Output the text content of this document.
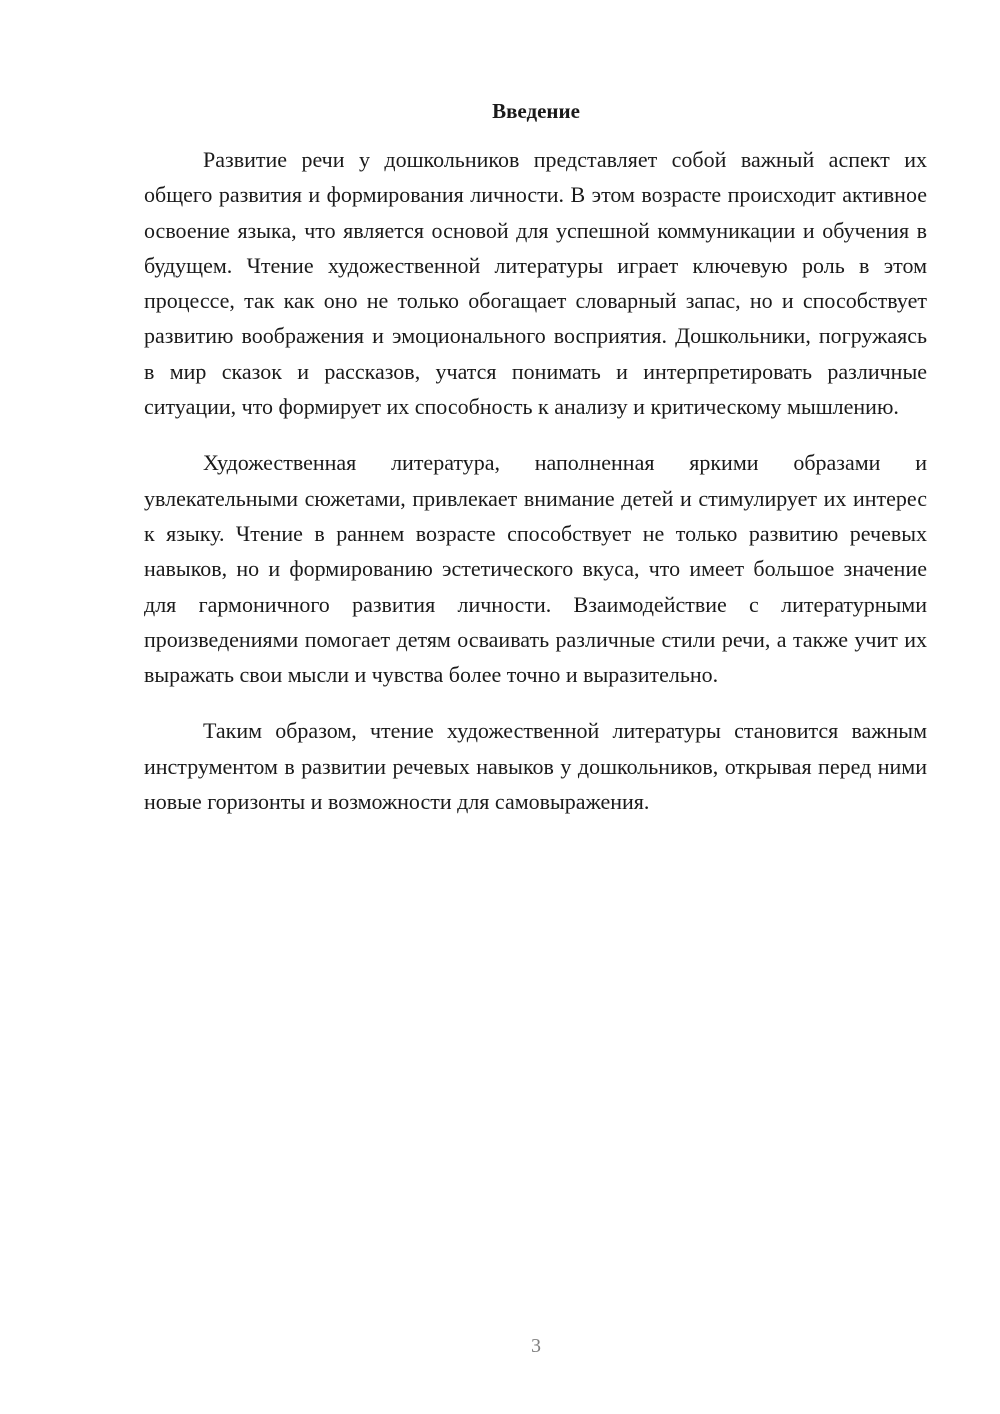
Введение

Развитие речи у дошкольников представляет собой важный аспект их общего развития и формирования личности. В этом возрасте происходит активное освоение языка, что является основой для успешной коммуникации и обучения в будущем. Чтение художественной литературы играет ключевую роль в этом процессе, так как оно не только обогащает словарный запас, но и способствует развитию воображения и эмоционального восприятия. Дошкольники, погружаясь в мир сказок и рассказов, учатся понимать и интерпретировать различные ситуации, что формирует их способность к анализу и критическому мышлению.

Художественная литература, наполненная яркими образами и увлекательными сюжетами, привлекает внимание детей и стимулирует их интерес к языку. Чтение в раннем возрасте способствует не только развитию речевых навыков, но и формированию эстетического вкуса, что имеет большое значение для гармоничного развития личности. Взаимодействие с литературными произведениями помогает детям осваивать различные стили речи, а также учит их выражать свои мысли и чувства более точно и выразительно.

Таким образом, чтение художественной литературы становится важным инструментом в развитии речевых навыков у дошкольников, открывая перед ними новые горизонты и возможности для самовыражения.

3
